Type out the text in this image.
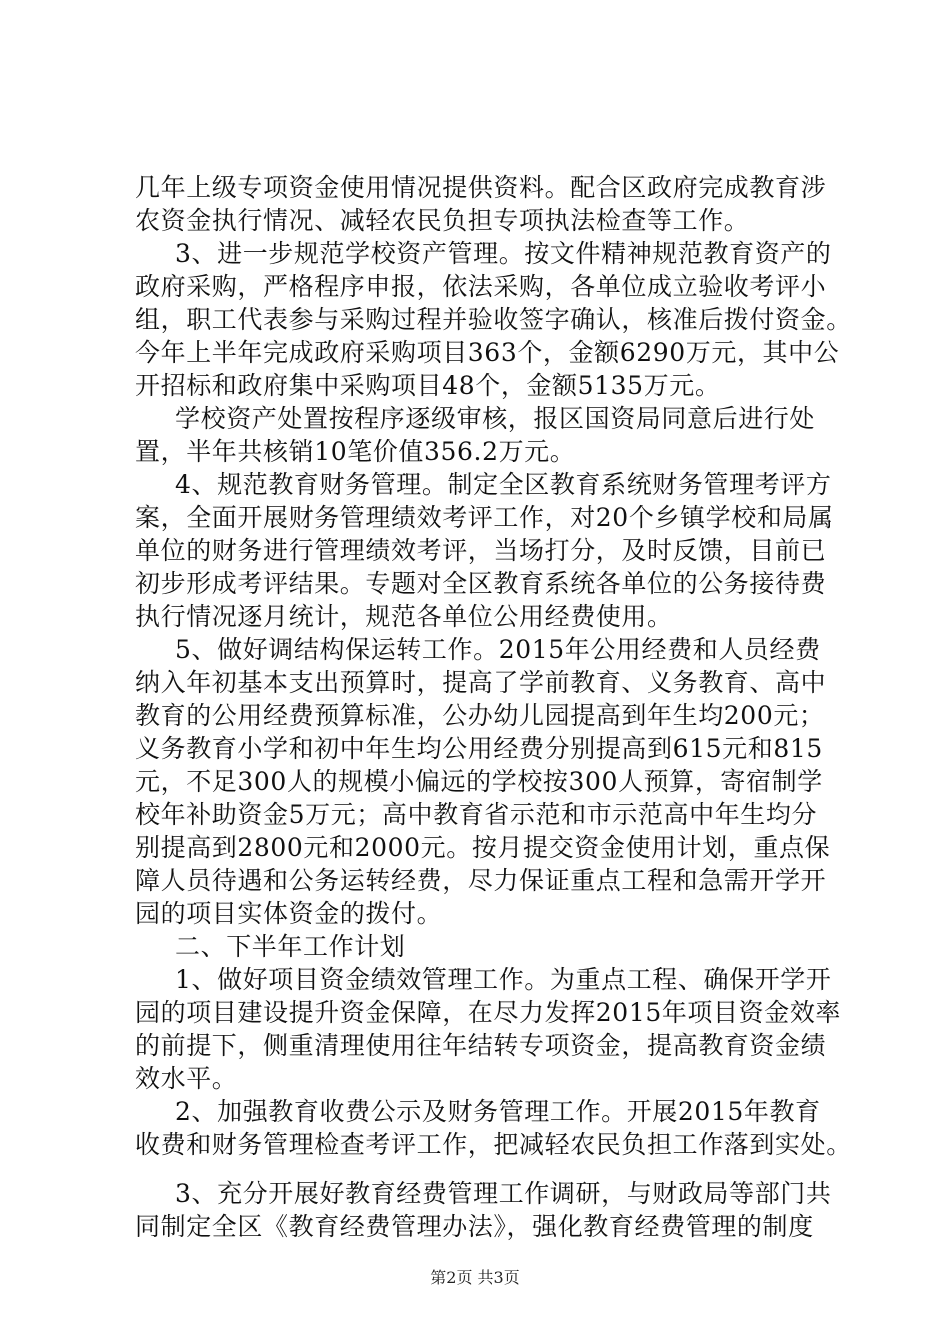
几年上级专项资金使用情况提供资料。配合区政府完成教育涉
农资金执行情况、减轻农民负担专项执法检查等工作。
3、进一步规范学校资产管理。按文件精神规范教育资产的
政府采购，严格程序申报，依法采购，各单位成立验收考评小
组，职工代表参与采购过程并验收签字确认，核准后拨付资金。
今年上半年完成政府采购项目363个，金额6290万元，其中公
开招标和政府集中采购项目48个，金额5135万元。
学校资产处置按程序逐级审核，报区国资局同意后进行处
置，半年共核销10笔价值356.2万元。
4、规范教育财务管理。制定全区教育系统财务管理考评方
案，全面开展财务管理绩效考评工作，对20个乡镇学校和局属
单位的财务进行管理绩效考评，当场打分，及时反馈，目前已
初步形成考评结果。专题对全区教育系统各单位的公务接待费
执行情况逐月统计，规范各单位公用经费使用。
5、做好调结构保运转工作。2015年公用经费和人员经费
纳入年初基本支出预算时，提高了学前教育、义务教育、高中
教育的公用经费预算标准，公办幼儿园提高到年生均200元；
义务教育小学和初中年生均公用经费分别提高到615元和815
元，不足300人的规模小偏远的学校按300人预算，寄宿制学
校年补助资金5万元；高中教育省示范和市示范高中年生均分
别提高到2800元和2000元。按月提交资金使用计划，重点保
障人员待遇和公务运转经费，尽力保证重点工程和急需开学开
园的项目实体资金的拨付。
二、下半年工作计划
1、做好项目资金绩效管理工作。为重点工程、确保开学开
园的项目建设提升资金保障，在尽力发挥2015年项目资金效率
的前提下，侧重清理使用往年结转专项资金，提高教育资金绩
效水平。
2、加强教育收费公示及财务管理工作。开展2015年教育
收费和财务管理检查考评工作，把减轻农民负担工作落到实处。
3、充分开展好教育经费管理工作调研，与财政局等部门共
同制定全区《教育经费管理办法》，强化教育经费管理的制度
第2页 共3页
